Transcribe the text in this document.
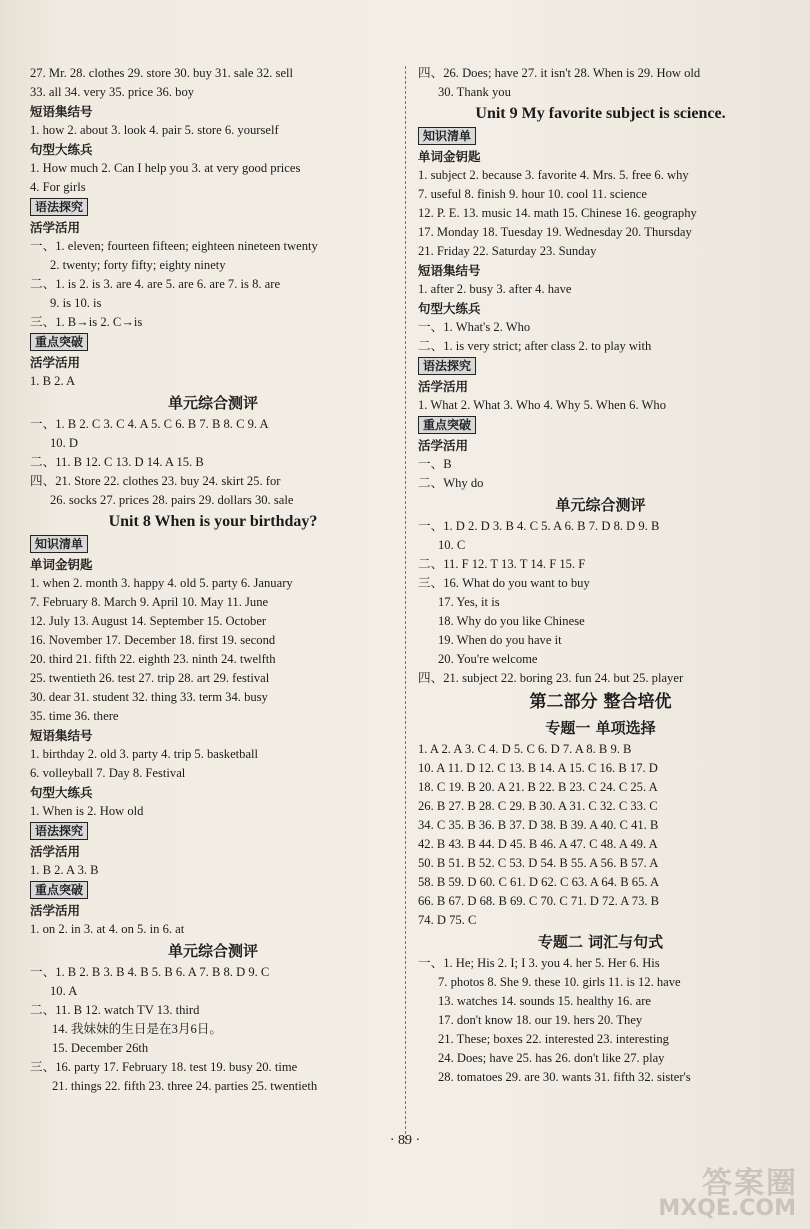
27. Mr. 28. clothes 29. store 30. buy 31. sale 32. sell
33. all 34. very 35. price 36. boy
短语集结号
1. how 2. about 3. look 4. pair 5. store 6. yourself
句型大练兵
1. How much 2. Can I help you 3. at very good prices
4. For girls
语法探究
活学活用
一、1. eleven; fourteen fifteen; eighteen nineteen twenty
2. twenty; forty fifty; eighty ninety
二、1. is 2. is 3. are 4. are 5. are 6. are 7. is 8. are
9. is 10. is
三、1. B→is 2. C→is
重点突破
活学活用
1. B 2. A
单元综合测评
一、1. B 2. C 3. C 4. A 5. C 6. B 7. B 8. C 9. A
10. D
二、11. B 12. C 13. D 14. A 15. B
四、21. Store 22. clothes 23. buy 24. skirt 25. for
26. socks 27. prices 28. pairs 29. dollars 30. sale
Unit 8 When is your birthday?
知识清单
单词金钥匙
1. when 2. month 3. happy 4. old 5. party 6. January
7. February 8. March 9. April 10. May 11. June
12. July 13. August 14. September 15. October
16. November 17. December 18. first 19. second
20. third 21. fifth 22. eighth 23. ninth 24. twelfth
25. twentieth 26. test 27. trip 28. art 29. festival
30. dear 31. student 32. thing 33. term 34. busy
35. time 36. there
短语集结号
1. birthday 2. old 3. party 4. trip 5. basketball
6. volleyball 7. Day 8. Festival
句型大练兵
1. When is 2. How old
语法探究
活学活用
1. B 2. A 3. B
重点突破
活学活用
1. on 2. in 3. at 4. on 5. in 6. at
单元综合测评
一、1. B 2. B 3. B 4. B 5. B 6. A 7. B 8. D 9. C
10. A
二、11. B 12. watch TV 13. third
14. 我妹妹的生日是在3月6日。
15. December 26th
三、16. party 17. February 18. test 19. busy 20. time
21. things 22. fifth 23. three 24. parties 25. twentieth
四、26. Does; have 27. it isn't 28. When is 29. How old
30. Thank you
Unit 9 My favorite subject is science.
知识清单
单词金钥匙
1. subject 2. because 3. favorite 4. Mrs. 5. free 6. why
7. useful 8. finish 9. hour 10. cool 11. science
12. P. E. 13. music 14. math 15. Chinese 16. geography
17. Monday 18. Tuesday 19. Wednesday 20. Thursday
21. Friday 22. Saturday 23. Sunday
短语集结号
1. after 2. busy 3. after 4. have
句型大练兵
一、1. What's 2. Who
二、1. is very strict; after class 2. to play with
语法探究
活学活用
1. What 2. What 3. Who 4. Why 5. When 6. Who
重点突破
活学活用
一、B
二、Why do
单元综合测评
一、1. D 2. D 3. B 4. C 5. A 6. B 7. D 8. D 9. B
10. C
二、11. F 12. T 13. T 14. F 15. F
三、16. What do you want to buy
17. Yes, it is
18. Why do you like Chinese
19. When do you have it
20. You're welcome
四、21. subject 22. boring 23. fun 24. but 25. player
第二部分 整合培优
专题一 单项选择
1. A 2. A 3. C 4. D 5. C 6. D 7. A 8. B 9. B
10. A 11. D 12. C 13. B 14. A 15. C 16. B 17. D
18. C 19. B 20. A 21. B 22. B 23. C 24. C 25. A
26. B 27. B 28. C 29. B 30. A 31. C 32. C 33. C
34. C 35. B 36. B 37. D 38. B 39. A 40. C 41. B
42. B 43. B 44. D 45. B 46. A 47. C 48. A 49. A
50. B 51. B 52. C 53. D 54. B 55. A 56. B 57. A
58. B 59. D 60. C 61. D 62. C 63. A 64. B 65. A
66. B 67. D 68. B 69. C 70. C 71. D 72. A 73. B
74. D 75. C
专题二 词汇与句式
一、1. He; His 2. I; I 3. you 4. her 5. Her 6. His
7. photos 8. She 9. these 10. girls 11. is 12. have
13. watches 14. sounds 15. healthy 16. are
17. don't know 18. our 19. hers 20. They
21. These; boxes 22. interested 23. interesting
24. Does; have 25. has 26. don't like 27. play
28. tomatoes 29. are 30. wants 31. fifth 32. sister's
· 89 ·
答案圈
MXQE.COM
